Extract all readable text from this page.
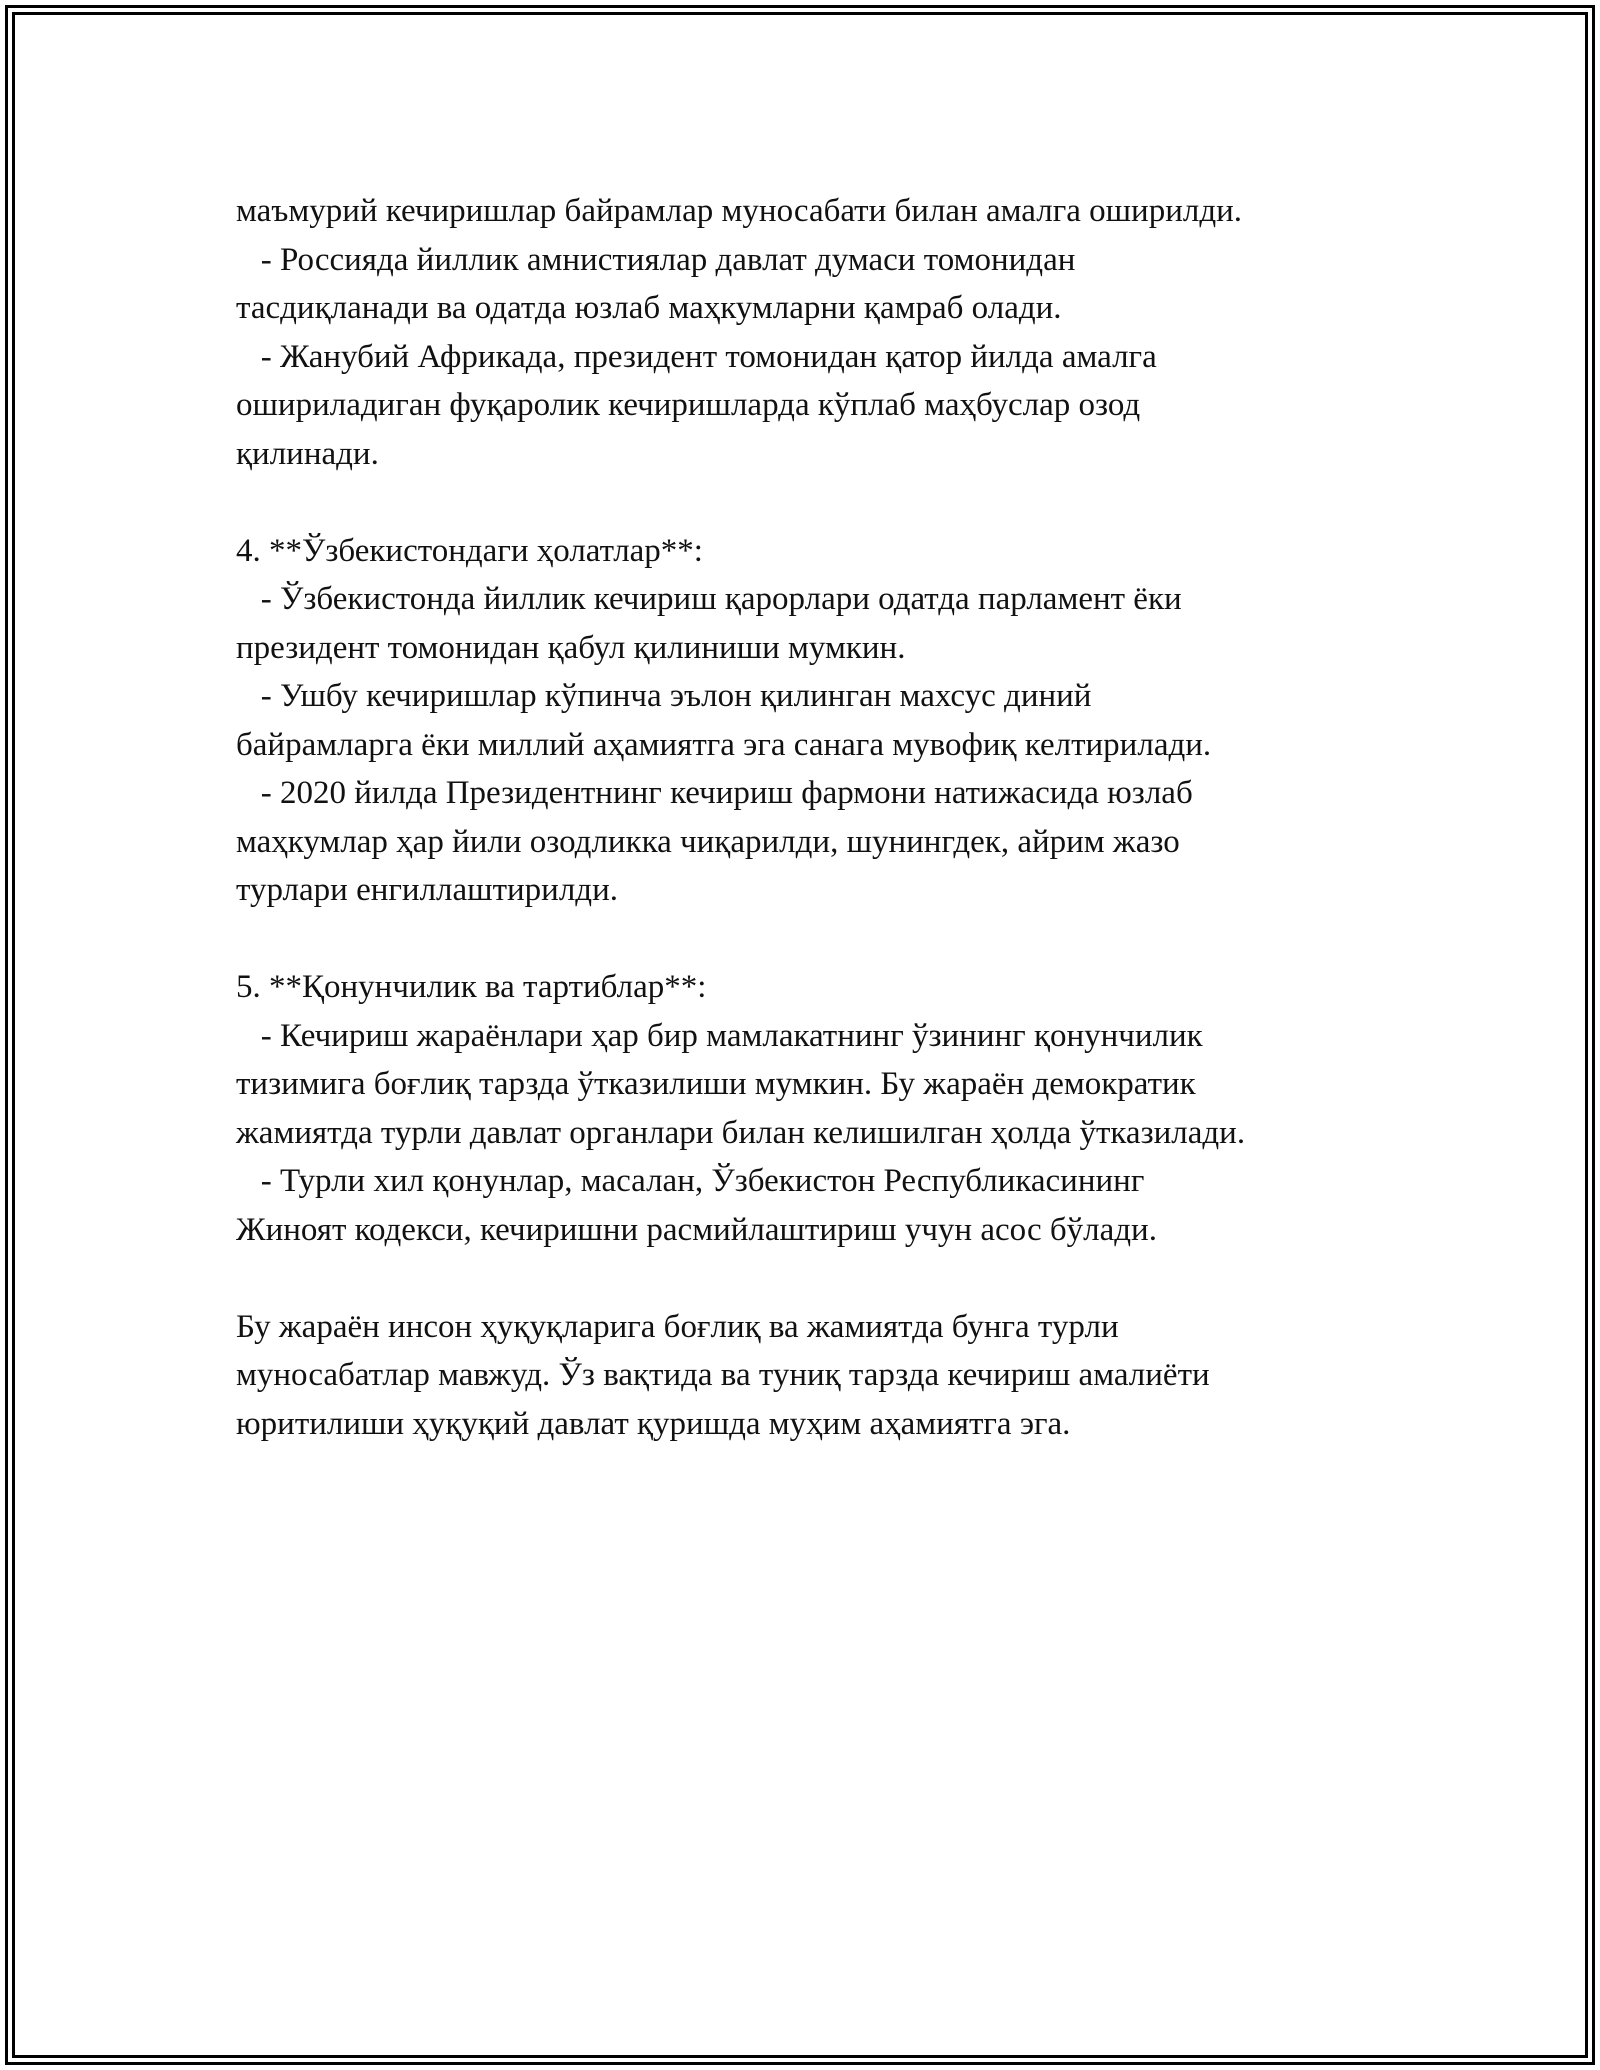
маъмурий кечиришлар байрамлар муносабати билан амалга оширилди.
- Россияда йиллик амнистиялар давлат думаси томонидан
тасдиқланади ва одатда юзлаб маҳкумларни қамраб олади.
- Жанубий Африкада, президент томонидан қатор йилда амалга
ошириладиган фуқаролик кечиришларда кўплаб маҳбуслар озод
қилинади.
4. **Ўзбекистондаги ҳолатлар**:
- Ўзбекистонда йиллик кечириш қарорлари одатда парламент ёки
президент томонидан қабул қилиниши мумкин.
- Ушбу кечиришлар кўпинча эълон қилинган махсус диний
байрамларга ёки миллий аҳамиятга эга санага мувофиқ келтирилади.
- 2020 йилда Президентнинг кечириш фармони натижасида юзлаб
маҳкумлар ҳар йили озодликка чиқарилди, шунингдек, айрим жазо
турлари енгиллаштирилди.
5. **Қонунчилик ва тартиблар**:
- Кечириш жараёнлари ҳар бир мамлакатнинг ўзининг қонунчилик
тизимига боғлиқ тарзда ўтказилиши мумкин. Бу жараён демократик
жамиятда турли давлат органлари билан келишилган ҳолда ўтказилади.
- Турли хил қонунлар, масалан, Ўзбекистон Республикасининг
Жиноят кодекси, кечиришни расмийлаштириш учун асос бўлади.
Бу жараён инсон ҳуқуқларига боғлиқ ва жамиятда бунга турли
муносабатлар мавжуд. Ўз вақтида ва туниқ тарзда кечириш амалиёти
юритилиши ҳуқуқий давлат қуришда муҳим аҳамиятга эга.
